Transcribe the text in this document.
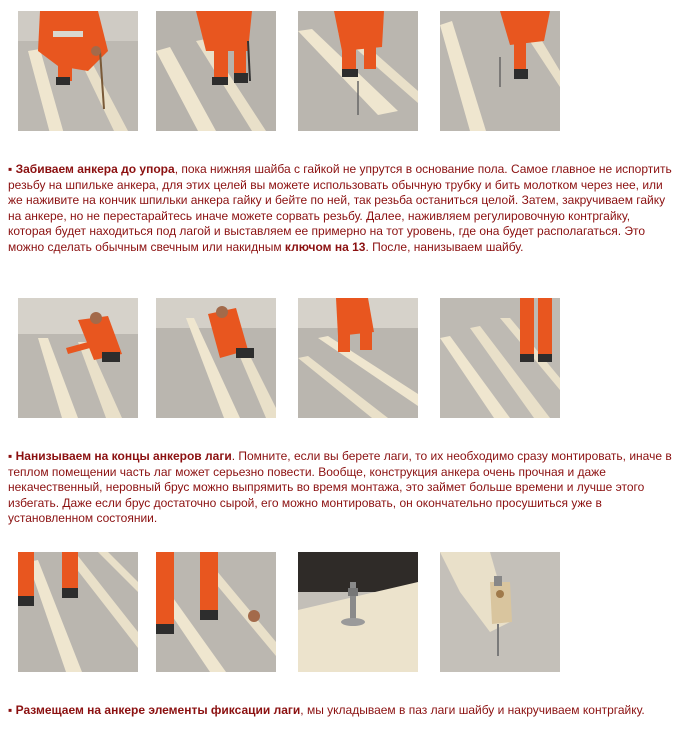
▪ Забиваем анкера до упора, пока нижняя шайба с гайкой не упрутся в основание пола. Самое главное не испортить резьбу на шпильке анкера, для этих целей вы можете использовать обычную трубку и бить молотком через нее, или же наживите на кончик шпильки анкера гайку и бейте по ней, так резьба останиться целой. Затем, закручиваем гайку на анкере, но не перестарайтесь иначе можете сорвать резьбу. Далее, наживляем регулировочную контргайку, которая будет находиться под лагой и выставляем ее примерно на тот уровень, где она будет располагаться. Это можно сделать обычным свечным или накидным ключом на 13. После, нанизываем шайбу.
▪ Нанизываем на концы анкеров лаги. Помните, если вы берете лаги, то их необходимо сразу монтировать, иначе в теплом помещении часть лаг может серьезно повести. Вообще, конструкция анкера очень прочная и даже некачественный, неровный брус можно выпрямить во время монтажа, это займет больше времени и лучше этого избегать. Даже если брус достаточно сырой, его можно монтировать, он окончательно просушиться уже в установленном состоянии.
▪ Размещаем на анкере элементы фиксации лаги, мы укладываем в паз лаги шайбу и накручиваем контргайку.
